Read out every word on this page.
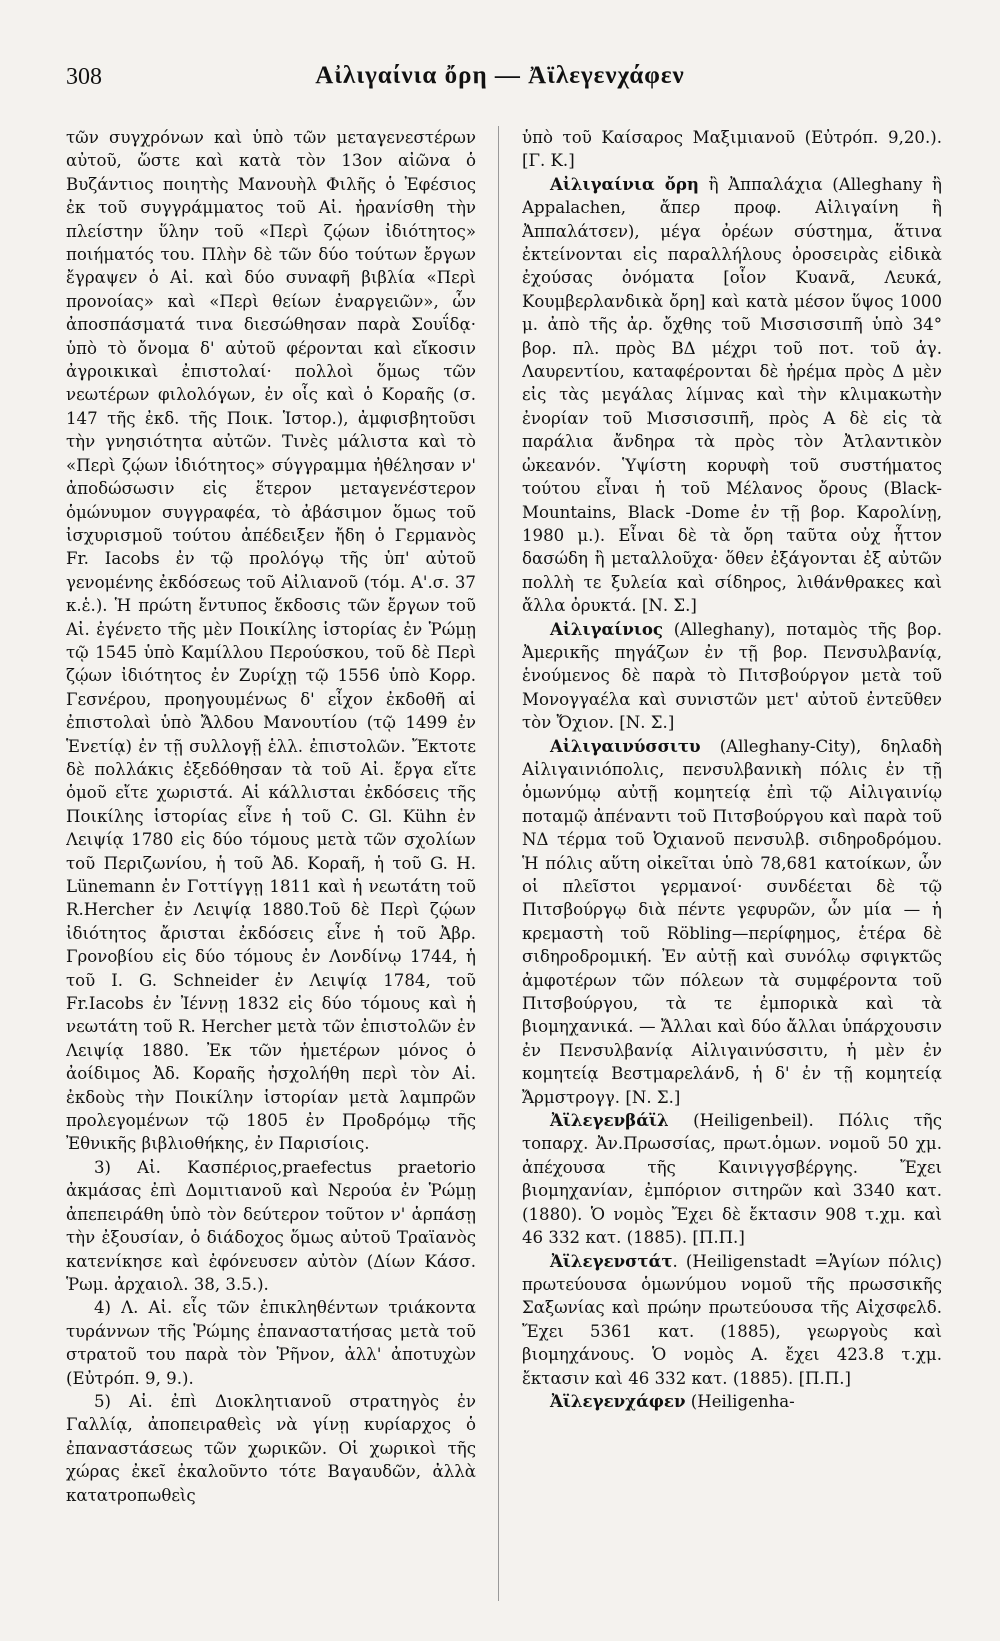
308	Αἰλιγαίνια ὄρη — Ἀϊλεγενχάφεν

τῶν συγχρόνων καὶ ὑπὸ τῶν μεταγενεστέρων αὐτοῦ, ὥστε καὶ κατὰ τὸν 13ον αἰῶνα ὁ Βυζάντιος ποιητὴς Μανουὴλ Φιλῆς ὁ Ἐφέσιος ἐκ τοῦ συγγράμματος τοῦ Αἰ. ἠρανίσθη τὴν πλείστην ὕλην τοῦ «Περὶ ζῴων ἰδιότητος» ποιήματός του. Πλὴν δὲ τῶν δύο τούτων ἔργων ἔγραψεν ὁ Αἰ. καὶ δύο συναφῆ βιβλία «Περὶ προνοίας» καὶ «Περὶ θείων ἐναργειῶν», ὧν ἀποσπάσματά τινα διεσώθησαν παρὰ Σουΐδᾳ· ὑπὸ τὸ ὄνομα δ' αὐτοῦ φέρονται καὶ εἴκοσιν ἀγροικικαὶ ἐπιστολαί· πολλοὶ ὅμως τῶν νεωτέρων φιλολόγων, ἐν οἷς καὶ ὁ Κοραῆς (σ. 147 τῆς ἐκδ. τῆς Ποικ. Ἱστορ.), ἀμφισβητοῦσι τὴν γνησιότητα αὐτῶν. Τινὲς μάλιστα καὶ τὸ «Περὶ ζῴων ἰδιότητος» σύγγραμμα ἠθέλησαν ν' ἀποδώσωσιν εἰς ἕτερον μεταγενέστερον ὁμώνυμον συγγραφέα, τὸ ἀβάσιμον ὅμως τοῦ ἰσχυρισμοῦ τούτου ἀπέδειξεν ἤδη ὁ Γερμανὸς Fr. Iacobs ἐν τῷ προλόγῳ τῆς ὑπ' αὐτοῦ γενομένης ἐκδόσεως τοῦ Αἰλιανοῦ (τόμ. Α'.σ. 37 κ.ἑ.). Ἡ πρώτη ἔντυπος ἔκδοσις τῶν ἔργων τοῦ Αἰ. ἐγένετο τῆς μὲν Ποικίλης ἱστορίας ἐν Ῥώμῃ τῷ 1545 ὑπὸ Καμίλλου Περούσκου, τοῦ δὲ Περὶ ζῴων ἰδιότητος ἐν Ζυρίχῃ τῷ 1556 ὑπὸ Κορρ. Γεσνέρου, προηγουμένως δ' εἶχον ἐκδοθῆ αἱ ἐπιστολαὶ ὑπὸ Ἄλδου Μανουτίου (τῷ 1499 ἐν Ἑνετίᾳ) ἐν τῇ συλλογῇ ἑλλ. ἐπιστολῶν. Ἔκτοτε δὲ πολλάκις ἐξεδόθησαν τὰ τοῦ Αἰ. ἔργα εἴτε ὁμοῦ εἴτε χωριστά. Αἱ κάλλισται ἐκδόσεις τῆς Ποικίλης ἱστορίας εἶνε ἡ τοῦ C. Gl. Kühn ἐν Λειψίᾳ 1780 εἰς δύο τόμους μετὰ τῶν σχολίων τοῦ Περιζωνίου, ἡ τοῦ Ἀδ. Κοραῆ, ἡ τοῦ G. H. Lünemann ἐν Γοττίγγῃ 1811 καὶ ἡ νεωτάτη τοῦ R.Hercher ἐν Λειψίᾳ 1880.Τοῦ δὲ Περὶ ζῴων ἰδιότητος ἄρισται ἐκδόσεις εἶνε ἡ τοῦ Ἀβρ. Γρονοβίου εἰς δύο τόμους ἐν Λονδίνῳ 1744, ἡ τοῦ I. G. Schneider ἐν Λειψίᾳ 1784, τοῦ Fr.Iacobs ἐν Ἰέννῃ 1832 εἰς δύο τόμους καὶ ἡ νεωτάτη τοῦ R. Hercher μετὰ τῶν ἐπιστολῶν ἐν Λειψίᾳ 1880. Ἐκ τῶν ἡμετέρων μόνος ὁ ἀοίδιμος Ἀδ. Κοραῆς ἠσχολήθη περὶ τὸν Αἰ. ἐκδοὺς τὴν Ποικίλην ἱστορίαν μετὰ λαμπρῶν προλεγομένων τῷ 1805 ἐν Προδρόμῳ τῆς Ἐθνικῆς βιβλιοθήκης, ἐν Παρισίοις.

3) Αἰ. Κασπέριος,praefectus praetorio ἀκμάσας ἐπὶ Δομιτιανοῦ καὶ Νερούα ἐν Ῥώμῃ ἀπεπειράθη ὑπὸ τὸν δεύτερον τοῦτον ν' ἁρπάσῃ τὴν ἐξουσίαν, ὁ διάδοχος ὅμως αὐτοῦ Τραϊανὸς κατενίκησε καὶ ἐφόνευσεν αὐτὸν (Δίων Κάσσ. Ῥωμ. ἀρχαιολ. 38, 3.5.).

4) Λ. Αἰ. εἷς τῶν ἐπικληθέντων τριάκοντα τυράννων τῆς Ῥώμης ἐπαναστατήσας μετὰ τοῦ στρατοῦ του παρὰ τὸν Ῥῆνον, ἀλλ' ἀποτυχὼν (Εὐτρόπ. 9, 9.).

5) Αἰ. ἐπὶ Διοκλητιανοῦ στρατηγὸς ἐν Γαλλίᾳ, ἀποπειραθεὶς νὰ γίνῃ κυρίαρχος ὁ ἐπαναστάσεως τῶν χωρικῶν. Οἱ χωρικοὶ τῆς χώρας ἐκεῖ ἐκαλοῦντο τότε Βαγαυδῶν, ἀλλὰ κατατροπωθεὶς

ὑπὸ τοῦ Καίσαρος Μαξιμιανοῦ (Εὐτρόπ. 9,20.). [Γ. Κ.]

Αἰλιγαίνια ὄρη ἢ Ἀππαλάχια (Alleghany ἢ Appalachen, ἄπερ προφ. Αἰλιγαίνη ἢ Ἀππαλάτσεν), μέγα ὀρέων σύστημα, ἅτινα ἐκτείνονται εἰς παραλλήλους ὀροσειρὰς εἰδικὰ ἐχούσας ὀνόματα [οἷον Κυανᾶ, Λευκά, Κουμβερλανδικὰ ὄρη] καὶ κατὰ μέσον ὕψος 1000 μ. ἀπὸ τῆς ἀρ. ὄχθης τοῦ Μισσισσιπῆ ὑπὸ 34° βορ. πλ. πρὸς ΒΔ μέχρι τοῦ ποτ. τοῦ ἁγ. Λαυρεντίου, καταφέρονται δὲ ἠρέμα πρὸς Δ μὲν εἰς τὰς μεγάλας λίμνας καὶ τὴν κλιμακωτὴν ἐνορίαν τοῦ Μισσισσιπῆ, πρὸς Α δὲ εἰς τὰ παράλια ἄνδηρα τὰ πρὸς τὸν Ἀτλαντικὸν ὠκεανόν. Ὑψίστη κορυφὴ τοῦ συστήματος τούτου εἶναι ἡ τοῦ Μέλανος ὄρους (Black-Mountains, Black -Dome ἐν τῇ βορ. Καρολίνῃ, 1980 μ.). Εἶναι δὲ τὰ ὄρη ταῦτα οὐχ ἧττον δασώδη ἢ μεταλλοῦχα· ὅθεν ἐξάγονται ἐξ αὐτῶν πολλὴ τε ξυλεία καὶ σίδηρος, λιθάνθρακες καὶ ἄλλα ὀρυκτά. [Ν. Σ.]

Αἰλιγαίνιος (Alleghany), ποταμὸς τῆς βορ. Ἀμερικῆς πηγάζων ἐν τῇ βορ. Πενσυλβανίᾳ, ἑνούμενος δὲ παρὰ τὸ Πιτσβούργον μετὰ τοῦ Μονογγαέλα καὶ συνιστῶν μετ' αὐτοῦ ἐντεῦθεν τὸν Ὄχιον. [Ν. Σ.]

Αἰλιγαινύσσιτυ (Alleghany-City), δηλαδὴ Αἰλιγαινιόπολις, πενσυλβανικὴ πόλις ἐν τῇ ὁμωνύμῳ αὐτῇ κομητείᾳ ἐπὶ τῷ Αἰλιγαινίῳ ποταμῷ ἀπέναντι τοῦ Πιτσβούργου καὶ παρὰ τοῦ ΝΔ τέρμα τοῦ Ὀχιανοῦ πενσυλβ. σιδηροδρόμου. Ἡ πόλις αὕτη οἰκεῖται ὑπὸ 78,681 κατοίκων, ὧν οἱ πλεῖστοι γερμανοί· συνδέεται δὲ τῷ Πιτσβούργῳ διὰ πέντε γεφυρῶν, ὧν μία — ἡ κρεμαστὴ τοῦ Röbling—περίφημος, ἑτέρα δὲ σιδηροδρομική. Ἐν αὐτῇ καὶ συνόλῳ σφιγκτῶς ἀμφοτέρων τῶν πόλεων τὰ συμφέροντα τοῦ Πιτσβούργου, τὰ τε ἐμπορικὰ καὶ τὰ βιομηχανικά. — Ἄλλαι καὶ δύο ἄλλαι ὑπάρχουσιν ἐν Πενσυλβανίᾳ Αἰλιγαινύσσιτυ, ἡ μὲν ἐν κομητείᾳ Βεστμαρελάνδ, ἡ δ' ἐν τῇ κομητείᾳ Ἄρμστρογγ. [Ν. Σ.]

Ἀϊλεγενβάϊλ (Heiligenbeil). Πόλις τῆς τοπαρχ. Ἀν.Πρωσσίας, πρωτ.ὁμων. νομοῦ 50 χμ. ἀπέχουσα τῆς Καινιγγσβέργης. Ἔχει βιομηχανίαν, ἐμπόριον σιτηρῶν καὶ 3340 κατ. (1880). Ὁ νομὸς Ἔχει δὲ ἔκτασιν 908 τ.χμ. καὶ 46 332 κατ. (1885). [Π.Π.]

Ἀϊλεγενστάτ. (Heiligenstadt =Ἁγίων πόλις) πρωτεύουσα ὁμωνύμου νομοῦ τῆς πρωσσικῆς Σαξωνίας καὶ πρώην πρωτεύουσα τῆς Αἰχσφελδ. Ἔχει 5361 κατ. (1885), γεωργοὺς καὶ βιομηχάνους. Ὁ νομὸς Α. ἔχει 423.8 τ.χμ. ἔκτασιν καὶ 46 332 κατ. (1885). [Π.Π.]

Ἀϊλεγενχάφεν (Heiligenha-
